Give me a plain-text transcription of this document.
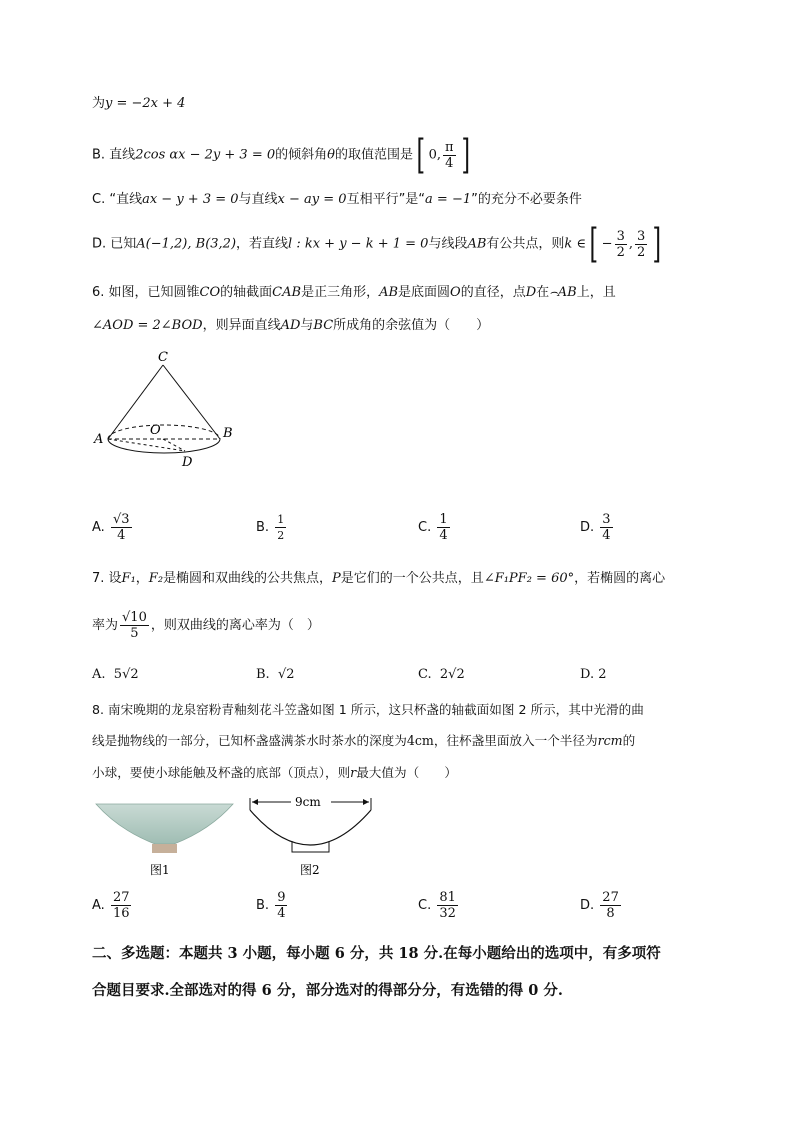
为y = −2x + 4
B. 直线2cos αx − 2y + 3 = 0的倾斜角θ的取值范围是[ 0, $\frac{\pi}{4}$ ]
C. “直线ax − y + 3 = 0与直线x − ay = 0互相平行”是“a = −1”的充分不必要条件
D. 已知A(−1,2), B(3,2)，若直线l : kx + y − k + 1 = 0与线段AB有公共点，则k ∈[ − $\frac{3}{2}$ , $\frac{3}{2}$ ]
6. 如图，已知圆锥CO的轴截面CAB是正三角形，AB是底面圆O的直径，点D在⌢AB上，且
∠AOD = 2∠BOD，则异面直线AD与BC所成角的余弦值为（　　）
C
A	B
O
D
A. $\frac{√3}{4}$	B. $\frac{1}{2}$	C. $\frac{1}{4}$	D. $\frac{3}{4}$
7. 设F₁，F₂是椭圆和双曲线的公共焦点，P是它们的一个公共点，且∠F₁PF₂ = 60°，若椭圆的离心
率为 $\frac{√10}{5}$ ，则双曲线的离心率为（　）
A. 5√2	B. √2	C. 2√2	D. 2
8. 南宋晚期的龙泉窑粉青釉刻花斗笠盏如图 1 所示，这只杯盏的轴截面如图 2 所示，其中光滑的曲
线是抛物线的一部分，已知杯盏盛满茶水时茶水的深度为4cm，往杯盏里面放入一个半径为rcm的
小球，要使小球能触及杯盏的底部（顶点），则r最大值为（　　）
图1
9cm
图2
A. $\frac{27}{16}$	B. $\frac{9}{4}$	C. $\frac{81}{32}$	D. $\frac{27}{8}$
二、多选题：本题共 3 小题，每小题 6 分，共 18 分.在每小题给出的选项中，有多项符
合题目要求.全部选对的得 6 分，部分选对的得部分分，有选错的得 0 分.
